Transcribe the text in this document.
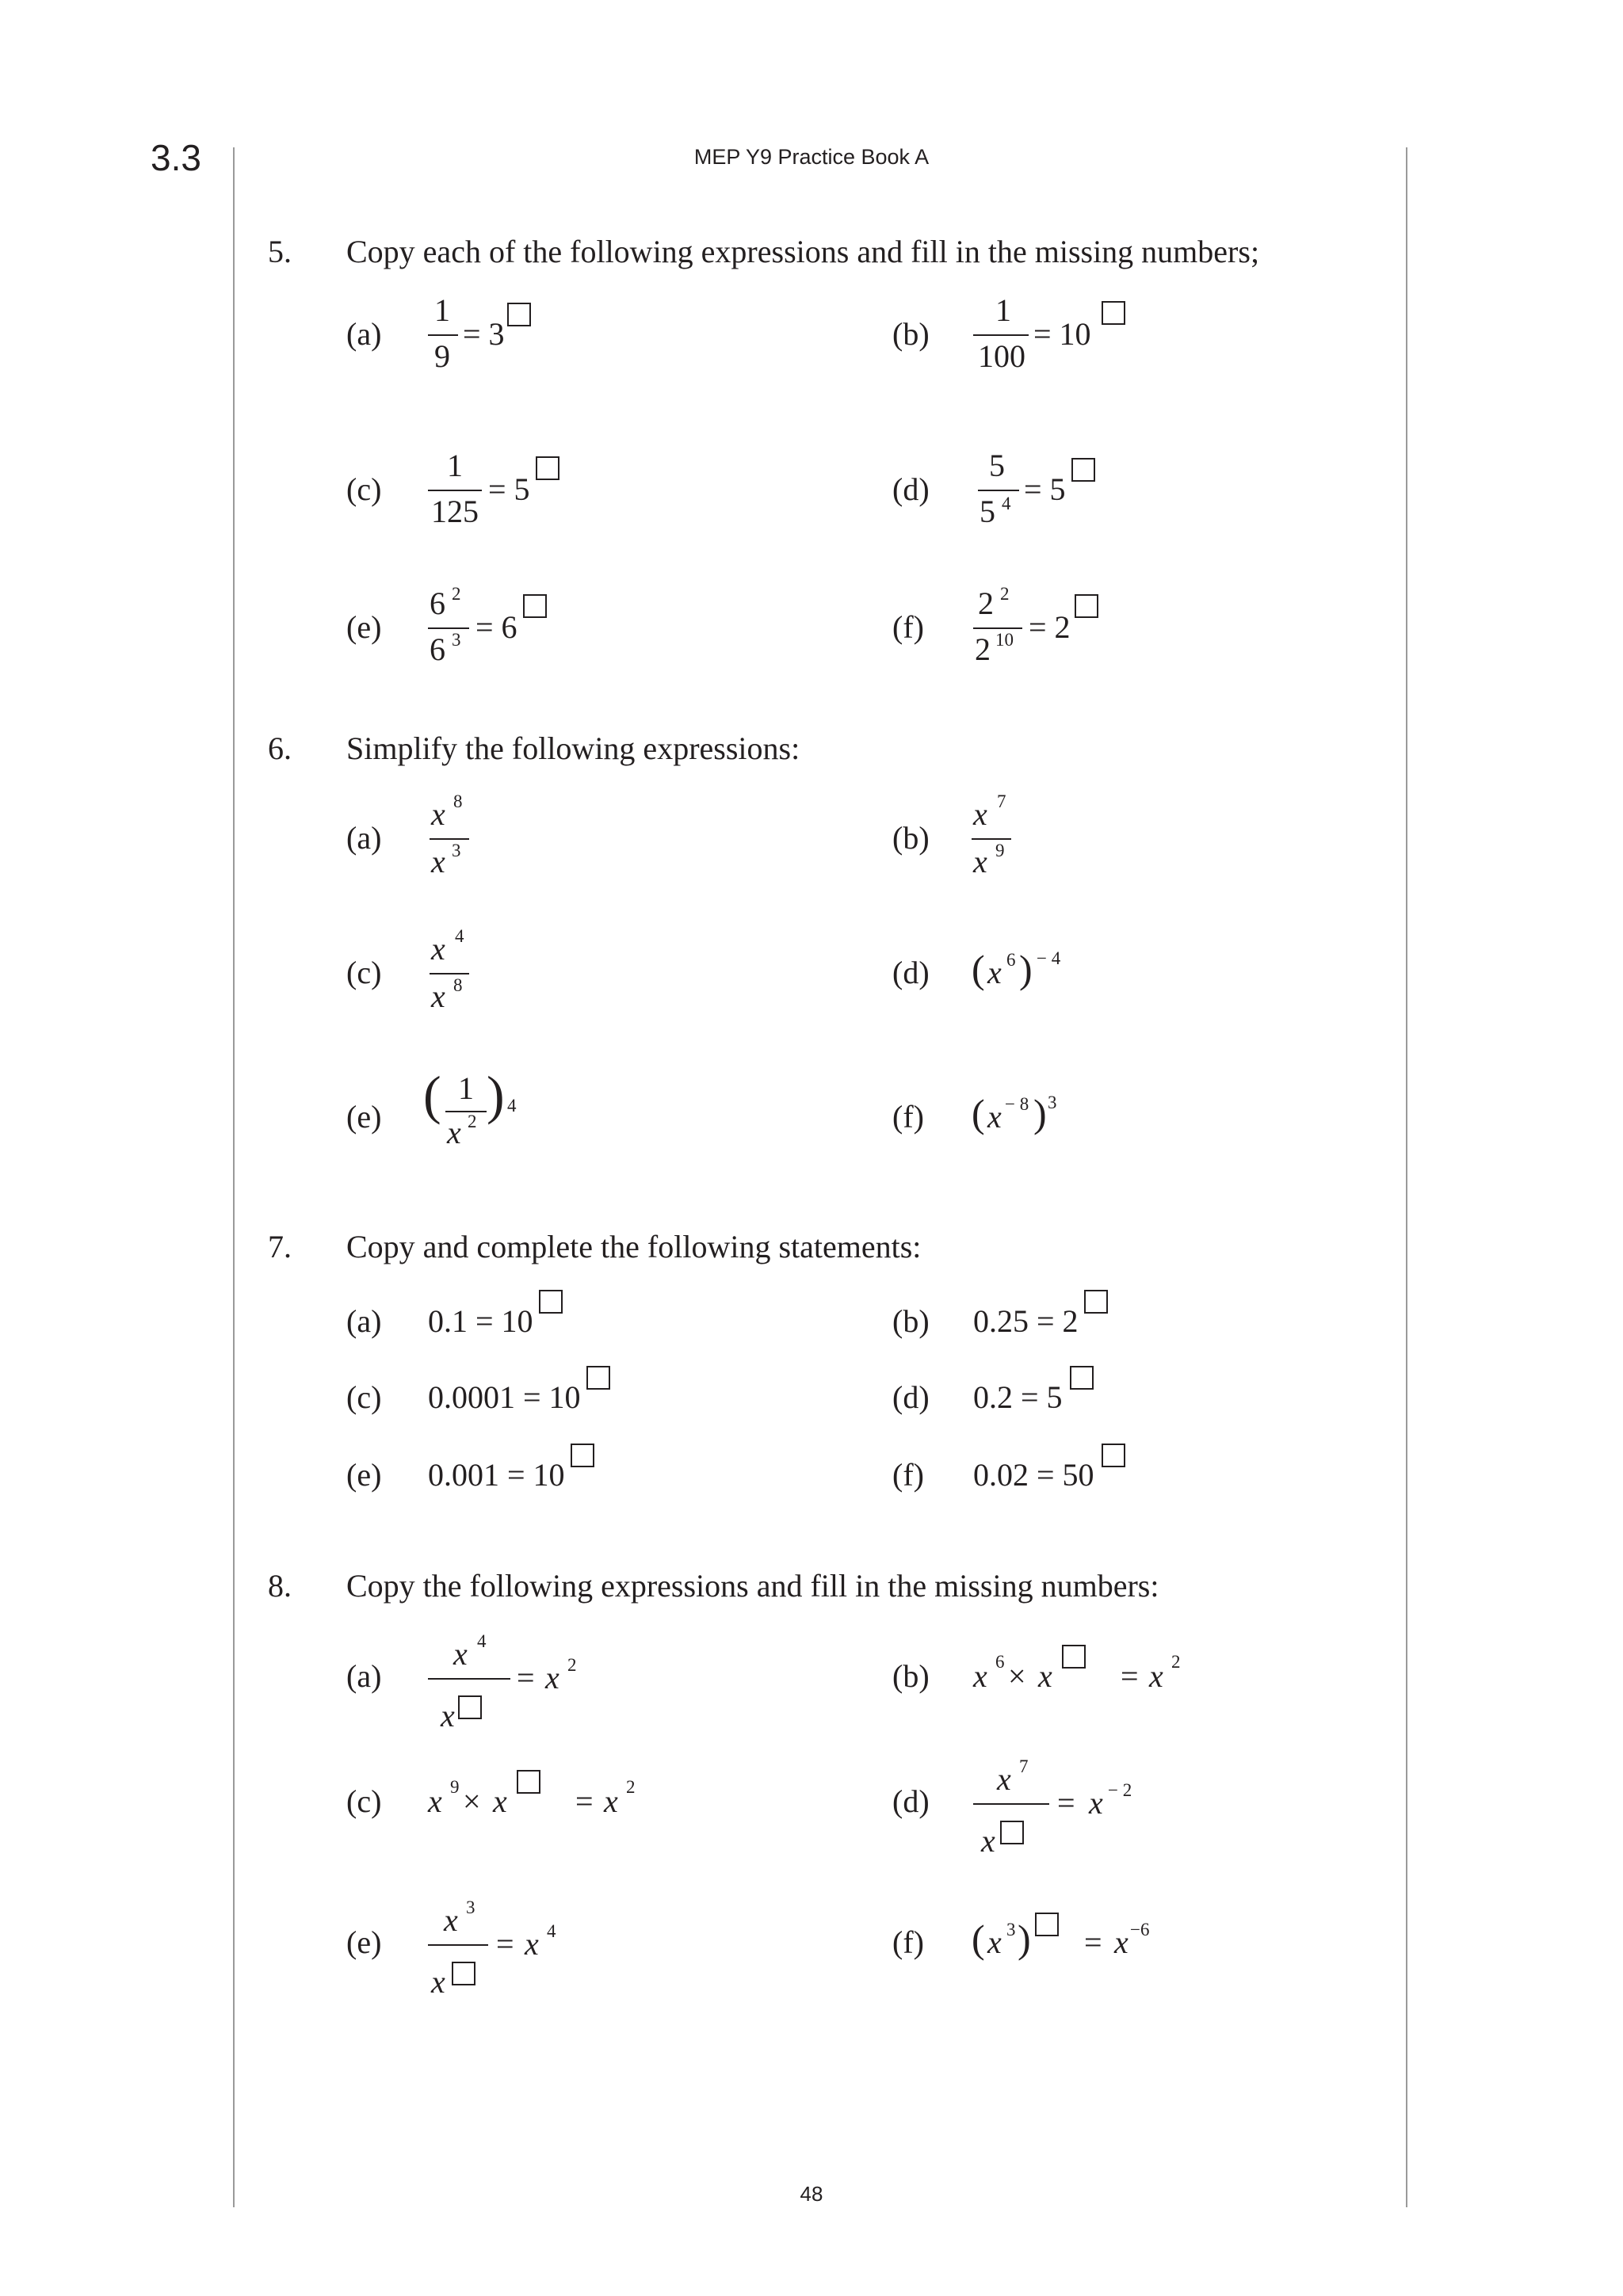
3.3	MEP Y9 Practice Book A
5. Copy each of the following expressions and fill in the missing numbers;
(a)
1
9
= 3	(b)
1
100
= 10
(c)
1
125
= 5	(d)
5
5 4 = 5
(e)
6 2
6 3 = 6	(f)
2 2
2 10 = 2
6. Simplify the following expressions:
(a)
x 8
x 3	(b)
x 7
x 9
(c)
x 4
x 8	(d) ( x 6 ) − 4
(e) ( 1
x 2 ) 4	(f) ( x − 8 ) 3
7. Copy and complete the following statements:
(a) 0.1 = 10	(b) 0.25 = 2
(c) 0.0001 = 10	(d) 0.2 = 5
(e) 0.001 = 10	(f) 0.02 = 50
8. Copy the following expressions and fill in the missing numbers:
(a)
x 4
x
= x 2	(b) x 6 × x = x 2
(c) x 9 × x = x 2	(d)
x 7
x
= x − 2
(e)
x 3
x
= x 4	(f) ( x 3 ) = x −6
48
